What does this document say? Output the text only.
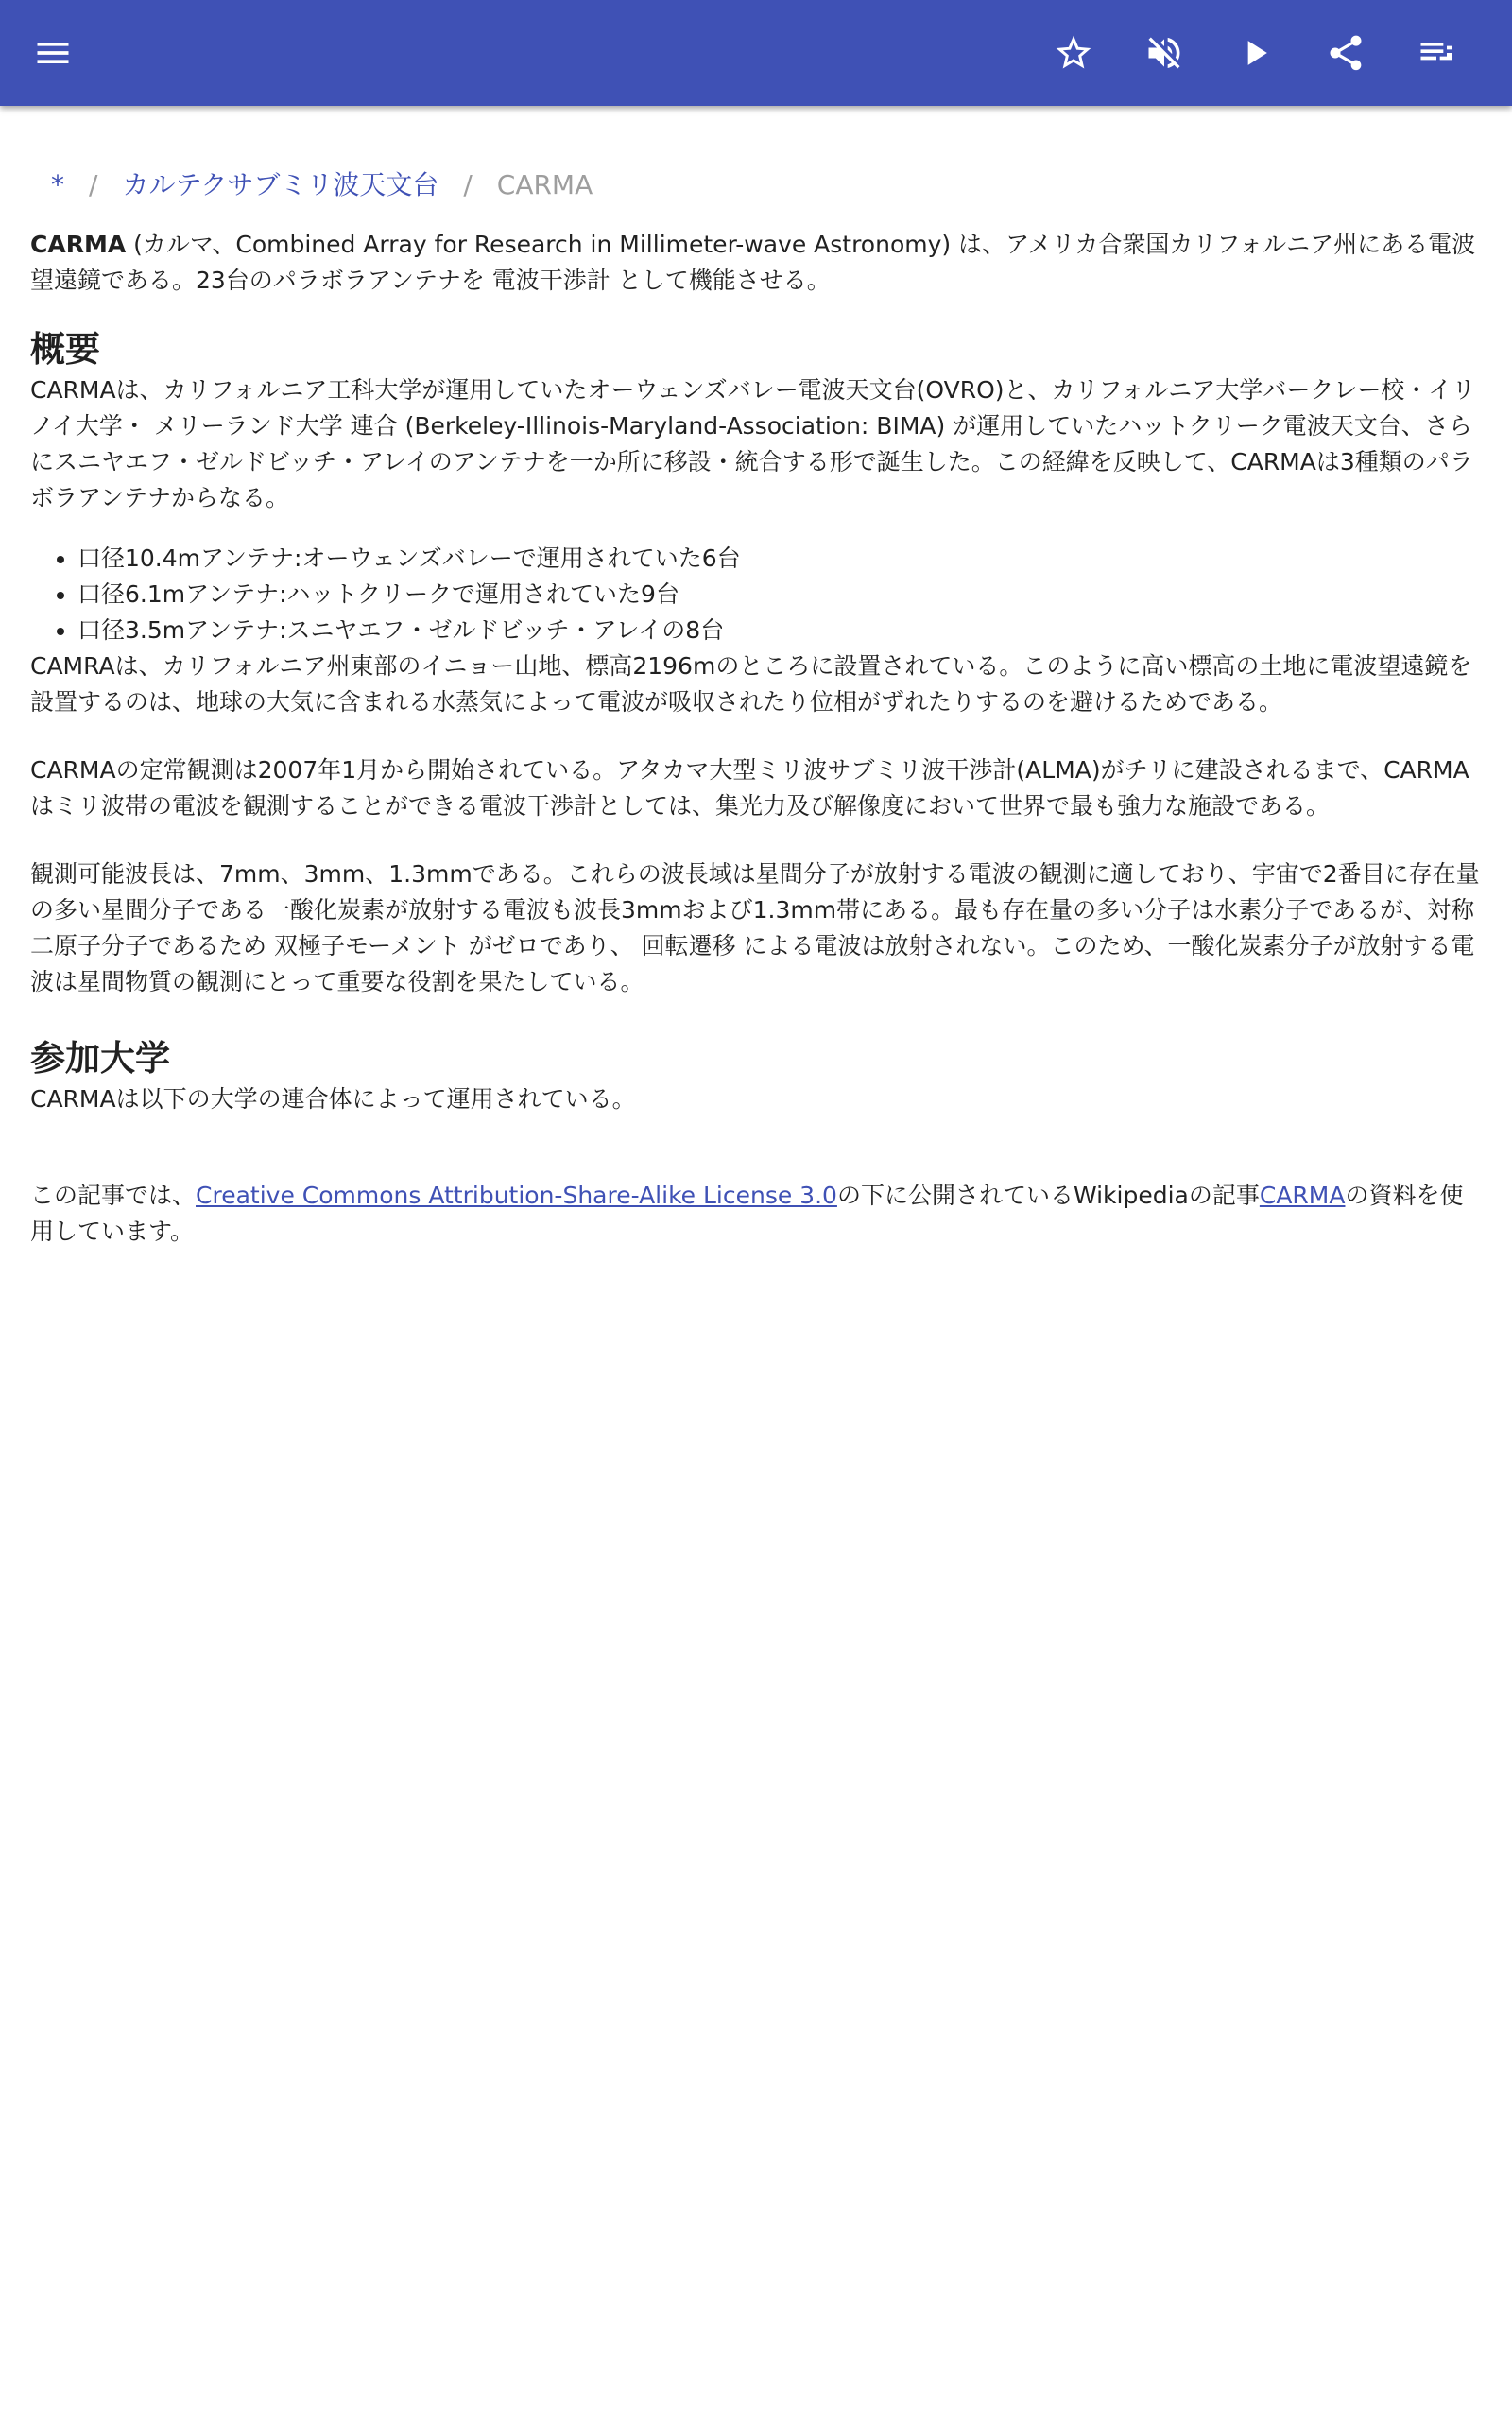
* / カルテクサブミリ波天文台 / CARMA

CARMA (カルマ、Combined Array for Research in Millimeter-wave Astronomy) は、アメリカ合衆国カリフォルニア州にある電波望遠鏡である。23台のパラボラアンテナを 電波干渉計 として機能させる。

概要

CARMAは、カリフォルニア工科大学が運用していたオーウェンズバレー電波天文台(OVRO)と、カリフォルニア大学バークレー校・イリノイ大学・ メリーランド大学 連合 (Berkeley-Illinois-Maryland-Association: BIMA) が運用していたハットクリーク電波天文台、さらにスニヤエフ・ゼルドビッチ・アレイのアンテナを一か所に移設・統合する形で誕生した。この経緯を反映して、CARMAは3種類のパラボラアンテナからなる。

• 口径10.4mアンテナ:オーウェンズバレーで運用されていた6台
• 口径6.1mアンテナ:ハットクリークで運用されていた9台
• 口径3.5mアンテナ:スニヤエフ・ゼルドビッチ・アレイの8台

CAMRAは、カリフォルニア州東部のイニョー山地、標高2196mのところに設置されている。このように高い標高の土地に電波望遠鏡を設置するのは、地球の大気に含まれる水蒸気によって電波が吸収されたり位相がずれたりするのを避けるためである。

CARMAの定常観測は2007年1月から開始されている。アタカマ大型ミリ波サブミリ波干渉計(ALMA)がチリに建設されるまで、CARMAはミリ波帯の電波を観測することができる電波干渉計としては、集光力及び解像度において世界で最も強力な施設である。

観測可能波長は、7mm、3mm、1.3mmである。これらの波長域は星間分子が放射する電波の観測に適しており、宇宙で2番目に存在量の多い星間分子である一酸化炭素が放射する電波も波長3mmおよび1.3mm帯にある。最も存在量の多い分子は水素分子であるが、対称二原子分子であるため 双極子モーメント がゼロであり、 回転遷移 による電波は放射されない。このため、一酸化炭素分子が放射する電波は星間物質の観測にとって重要な役割を果たしている。

参加大学

CARMAは以下の大学の連合体によって運用されている。

この記事では、Creative Commons Attribution-Share-Alike License 3.0の下に公開されているWikipediaの記事CARMAの資料を使用しています。
